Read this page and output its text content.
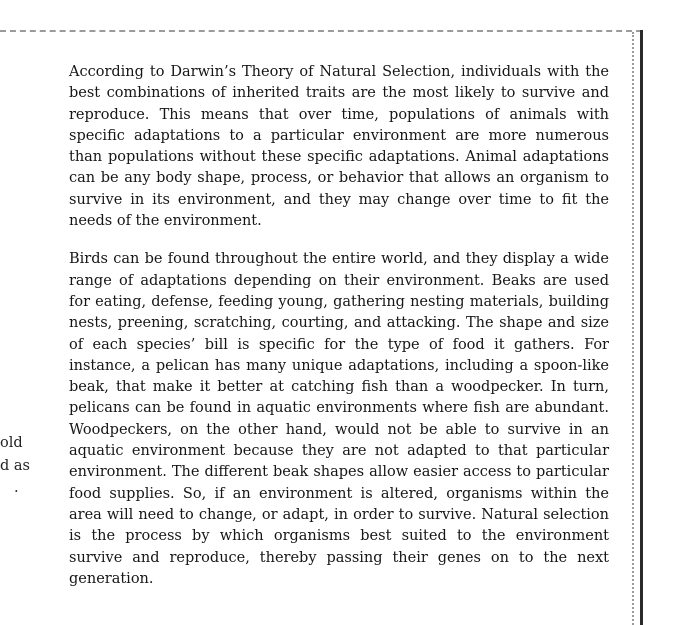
old
d as
.

According to Darwin’s Theory of Natural Selection, individuals with the best combinations of inherited traits are the most likely to survive and reproduce. This means that over time, populations of animals with specific adaptations to a particular environment are more numerous than populations without these specific adaptations. Animal adaptations can be any body shape, process, or behavior that allows an organism to survive in its environment, and they may change over time to fit the needs of the environment.

Birds can be found throughout the entire world, and they display a wide range of adaptations depending on their environment. Beaks are used for eating, defense, feeding young, gathering nesting materials, building nests, preening, scratching, courting, and attacking. The shape and size of each species’ bill is specific for the type of food it gathers. For instance, a pelican has many unique adaptations, including a spoon-like beak, that make it better at catching fish than a woodpecker. In turn, pelicans can be found in aquatic environments where fish are abundant. Woodpeckers, on the other hand, would not be able to survive in an aquatic environment because they are not adapted to that particular environment. The different beak shapes allow easier access to particular food supplies. So, if an environment is altered, organisms within the area will need to change, or adapt, in order to survive. Natural selection is the process by which organisms best suited to the environment survive and reproduce, thereby passing their genes on to the next generation.
